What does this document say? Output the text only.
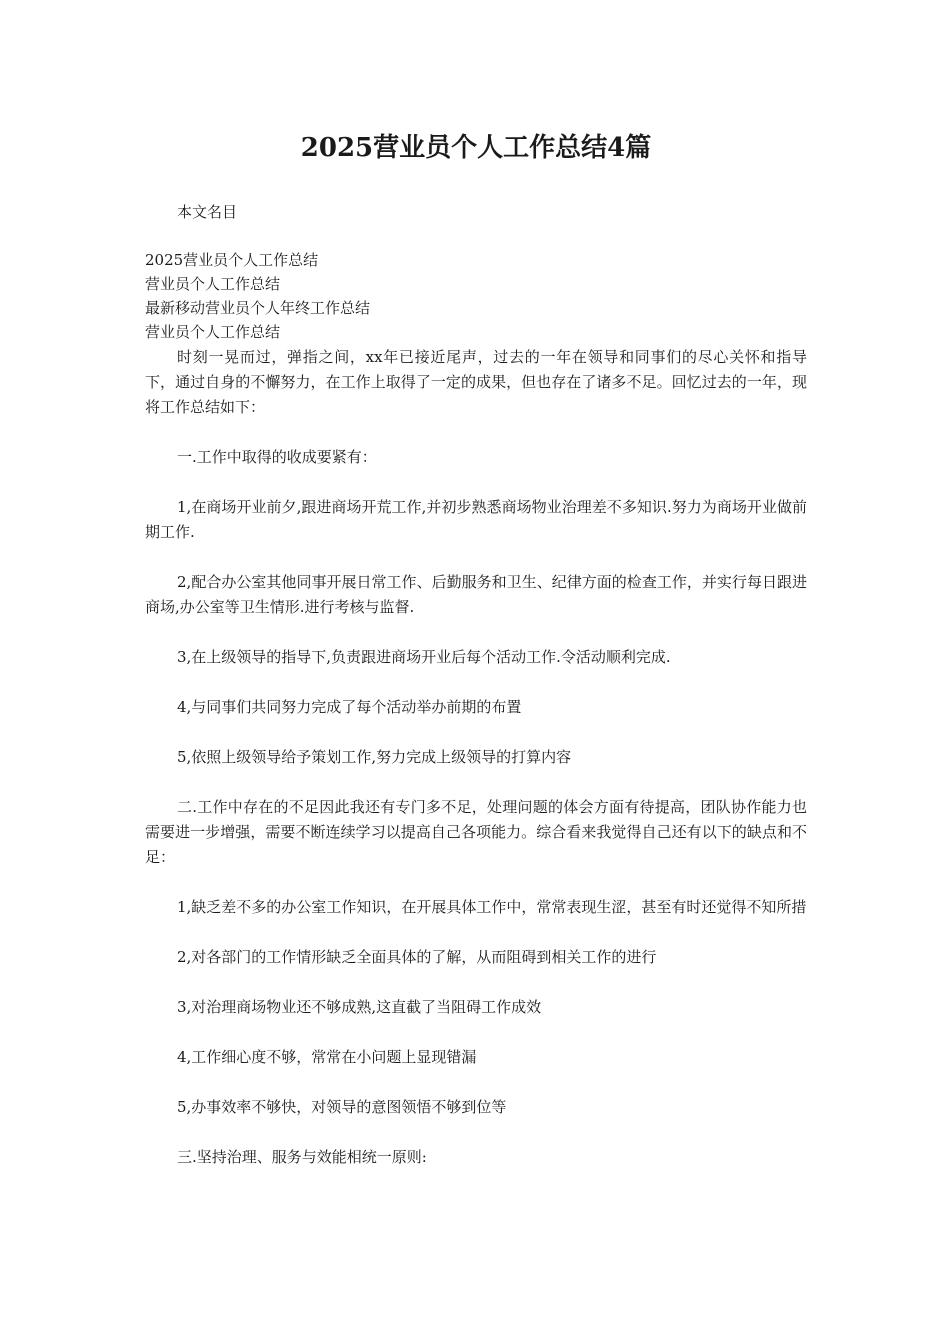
2025营业员个人工作总结4篇

本文名目

2025营业员个人工作总结
营业员个人工作总结
最新移动营业员个人年终工作总结
营业员个人工作总结

时刻一晃而过，弹指之间，xx年已接近尾声，过去的一年在领导和同事们的尽心关怀和指导下，通过自身的不懈努力，在工作上取得了一定的成果，但也存在了诸多不足。回忆过去的一年，现将工作总结如下：

一.工作中取得的收成要紧有：

1,在商场开业前夕,跟进商场开荒工作,并初步熟悉商场物业治理差不多知识.努力为商场开业做前期工作.

2,配合办公室其他同事开展日常工作、后勤服务和卫生、纪律方面的检查工作，并实行每日跟进商场,办公室等卫生情形.进行考核与监督.

3,在上级领导的指导下,负责跟进商场开业后每个活动工作.令活动顺利完成.

4,与同事们共同努力完成了每个活动举办前期的布置

5,依照上级领导给予策划工作,努力完成上级领导的打算内容

二.工作中存在的不足因此我还有专门多不足，处理问题的体会方面有待提高，团队协作能力也需要进一步增强，需要不断连续学习以提高自己各项能力。综合看来我觉得自己还有以下的缺点和不足：

1,缺乏差不多的办公室工作知识，在开展具体工作中，常常表现生涩，甚至有时还觉得不知所措

2,对各部门的工作情形缺乏全面具体的了解，从而阻碍到相关工作的进行

3,对治理商场物业还不够成熟,这直截了当阻碍工作成效

4,工作细心度不够，常常在小问题上显现错漏

5,办事效率不够快，对领导的意图领悟不够到位等

三.坚持治理、服务与效能相统一原则:
